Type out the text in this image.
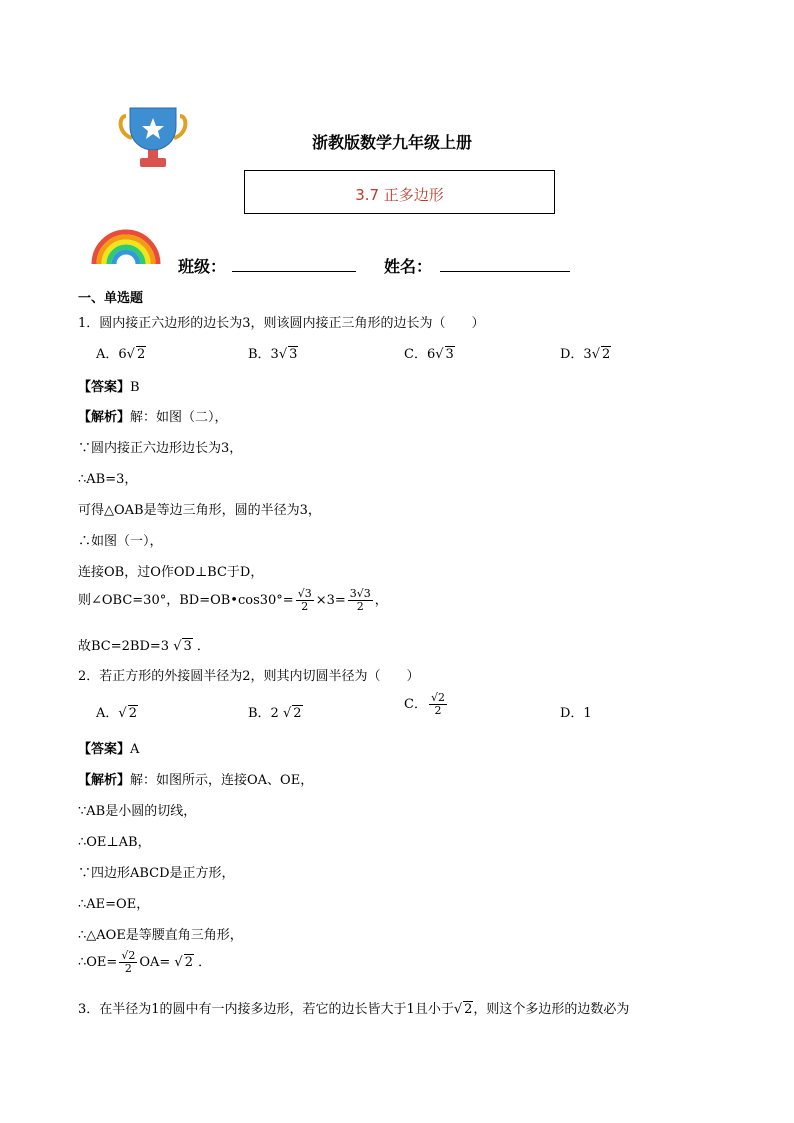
浙教版数学九年级上册
3.7 正多边形
班级：	姓名：
一、单选题
1．圆内接正六边形的边长为3，则该圆内接正三角形的边长为（　　）
A．6√ 2	B．3√ 3	C．6√ 3	D．3√ 2
【答案】B
【解析】解：如图（二），
∵圆内接正六边形边长为3，
∴AB=3，
可得△OAB是等边三角形，圆的半径为3，
∴如图（一），
连接OB，过O作OD⊥BC于D，
则∠OBC=30°，BD=OB•cos30°= $\frac{√3}{2} \times 3= \frac{3√3}{2}$ ，
故BC=2BD=3 √ 3 ．
2．若正方形的外接圆半径为2，则其内切圆半径为（　　）
A．√ 2	B．2 √ 2
C． $\frac{√2}{2}$	D．1
【答案】A
【解析】解：如图所示，连接OA、OE，
∵AB是小圆的切线，
∴OE⊥AB，
∵四边形ABCD是正方形，
∴AE=OE，
∴△AOE是等腰直角三角形，
∴OE= $\frac{√2}{2} OA=$ √ 2 ．
3．在半径为1的圆中有一内接多边形，若它的边长皆大于1且小于√ 2，则这个多边形的边数必为
